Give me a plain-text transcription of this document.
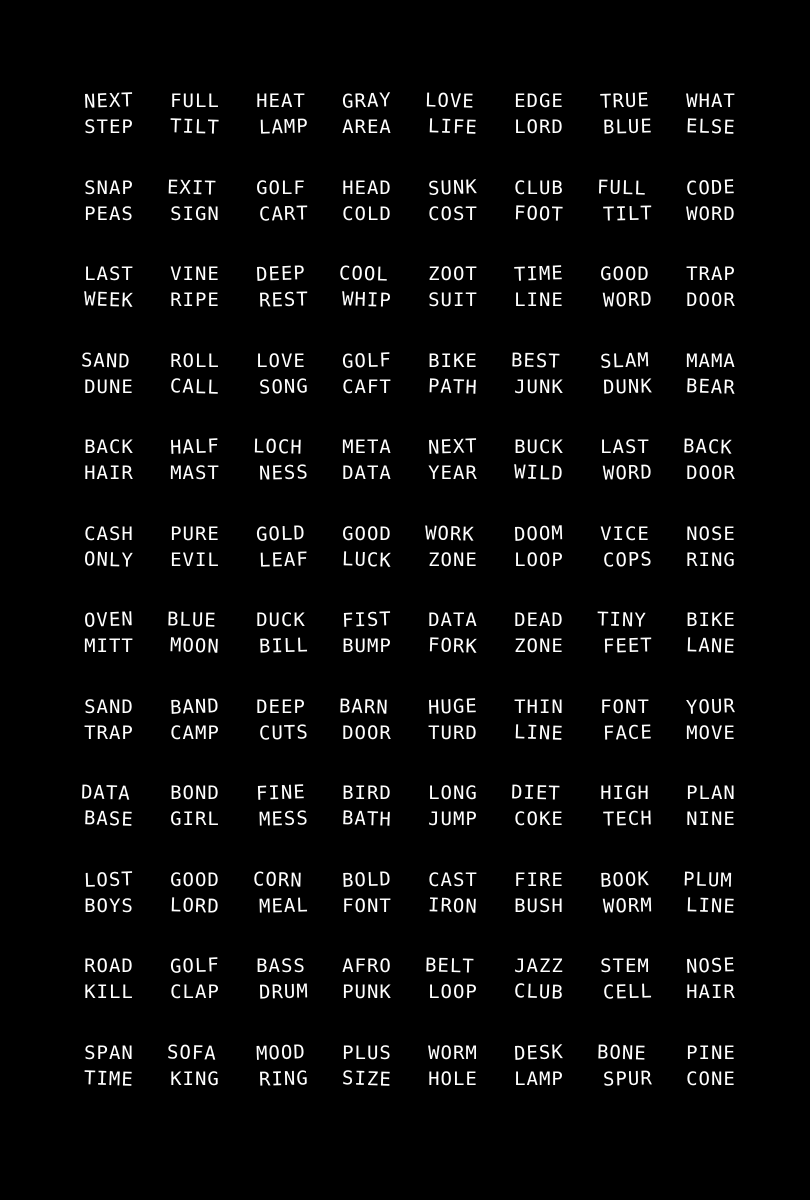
NEXT
STEP
FULL
TILT
HEAT
LAMP
GRAY
AREA
LOVE
LIFE
EDGE
LORD
TRUE
BLUE
WHAT
ELSE
SNAP
PEAS
EXIT
SIGN
GOLF
CART
HEAD
COLD
SUNK
COST
CLUB
FOOT
FULL
TILT
CODE
WORD
LAST
WEEK
VINE
RIPE
DEEP
REST
COOL
WHIP
ZOOT
SUIT
TIME
LINE
GOOD
WORD
TRAP
DOOR
SAND
DUNE
ROLL
CALL
LOVE
SONG
GOLF
CAFT
BIKE
PATH
BEST
JUNK
SLAM
DUNK
MAMA
BEAR
BACK
HAIR
HALF
MAST
LOCH
NESS
META
DATA
NEXT
YEAR
BUCK
WILD
LAST
WORD
BACK
DOOR
CASH
ONLY
PURE
EVIL
GOLD
LEAF
GOOD
LUCK
WORK
ZONE
DOOM
LOOP
VICE
COPS
NOSE
RING
OVEN
MITT
BLUE
MOON
DUCK
BILL
FIST
BUMP
DATA
FORK
DEAD
ZONE
TINY
FEET
BIKE
LANE
SAND
TRAP
BAND
CAMP
DEEP
CUTS
BARN
DOOR
HUGE
TURD
THIN
LINE
FONT
FACE
YOUR
MOVE
DATA
BASE
BOND
GIRL
FINE
MESS
BIRD
BATH
LONG
JUMP
DIET
COKE
HIGH
TECH
PLAN
NINE
LOST
BOYS
GOOD
LORD
CORN
MEAL
BOLD
FONT
CAST
IRON
FIRE
BUSH
BOOK
WORM
PLUM
LINE
ROAD
KILL
GOLF
CLAP
BASS
DRUM
AFRO
PUNK
BELT
LOOP
JAZZ
CLUB
STEM
CELL
NOSE
HAIR
SPAN
TIME
SOFA
KING
MOOD
RING
PLUS
SIZE
WORM
HOLE
DESK
LAMP
BONE
SPUR
PINE
CONE
